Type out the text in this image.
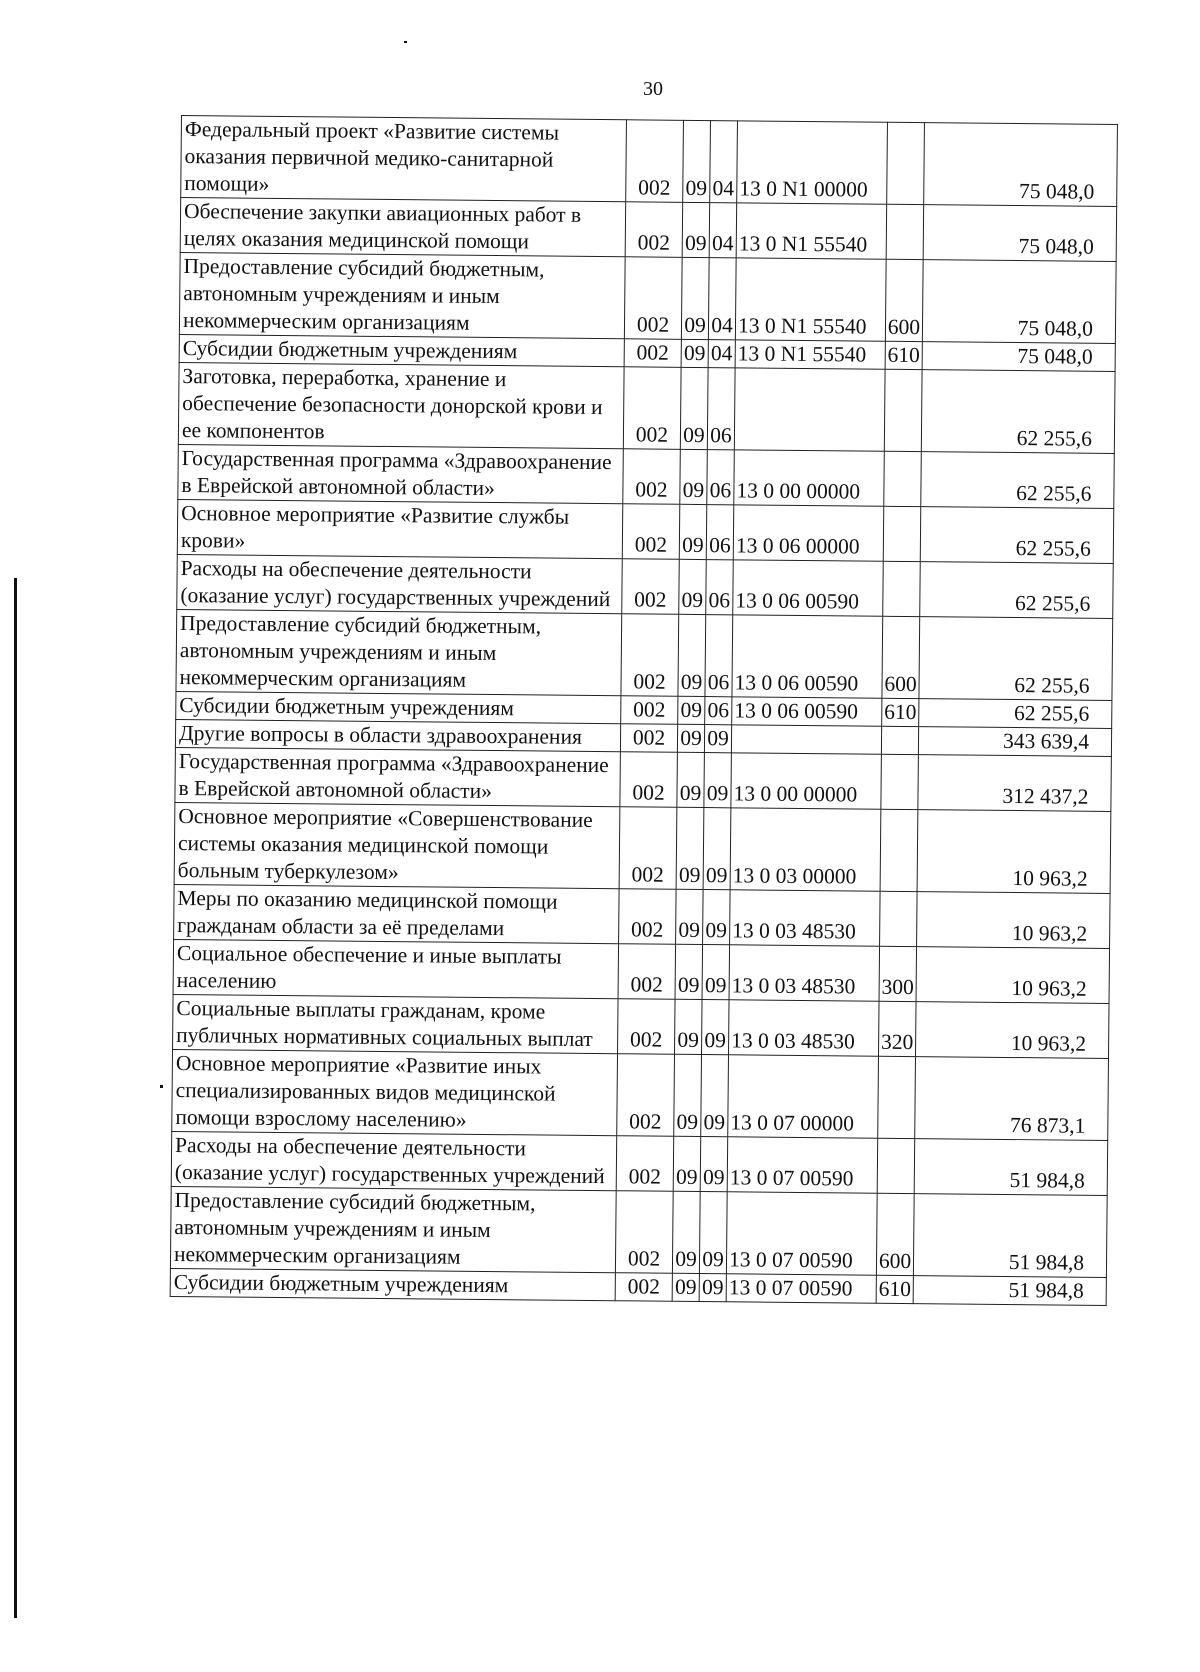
30
Федеральный проект «Развитие системы оказания первичной медико-санитарной помощи»	002	09	04	13 0 N1 00000		75 048,0
Обеспечение закупки авиационных работ в целях оказания медицинской помощи	002	09	04	13 0 N1 55540		75 048,0
Предоставление субсидий бюджетным, автономным учреждениям и иным некоммерческим организациям	002	09	04	13 0 N1 55540	600	75 048,0
Субсидии бюджетным учреждениям	002	09	04	13 0 N1 55540	610	75 048,0
Заготовка, переработка, хранение и обеспечение безопасности донорской крови и ее компонентов	002	09	06			62 255,6
Государственная программа «Здравоохранение в Еврейской автономной области»	002	09	06	13 0 00 00000		62 255,6
Основное мероприятие «Развитие службы крови»	002	09	06	13 0 06 00000		62 255,6
Расходы на обеспечение деятельности (оказание услуг) государственных учреждений	002	09	06	13 0 06 00590		62 255,6
Предоставление субсидий бюджетным, автономным учреждениям и иным некоммерческим организациям	002	09	06	13 0 06 00590	600	62 255,6
Субсидии бюджетным учреждениям	002	09	06	13 0 06 00590	610	62 255,6
Другие вопросы в области здравоохранения	002	09	09			343 639,4
Государственная программа «Здравоохранение в Еврейской автономной области»	002	09	09	13 0 00 00000		312 437,2
Основное мероприятие «Совершенствование системы оказания медицинской помощи больным туберкулезом»	002	09	09	13 0 03 00000		10 963,2
Меры по оказанию медицинской помощи гражданам области за её пределами	002	09	09	13 0 03 48530		10 963,2
Социальное обеспечение и иные выплаты населению	002	09	09	13 0 03 48530	300	10 963,2
Социальные выплаты гражданам, кроме публичных нормативных социальных выплат	002	09	09	13 0 03 48530	320	10 963,2
Основное мероприятие «Развитие иных специализированных видов медицинской помощи взрослому населению»	002	09	09	13 0 07 00000		76 873,1
Расходы на обеспечение деятельности (оказание услуг) государственных учреждений	002	09	09	13 0 07 00590		51 984,8
Предоставление субсидий бюджетным, автономным учреждениям и иным некоммерческим организациям	002	09	09	13 0 07 00590	600	51 984,8
Субсидии бюджетным учреждениям	002	09	09	13 0 07 00590	610	51 984,8
